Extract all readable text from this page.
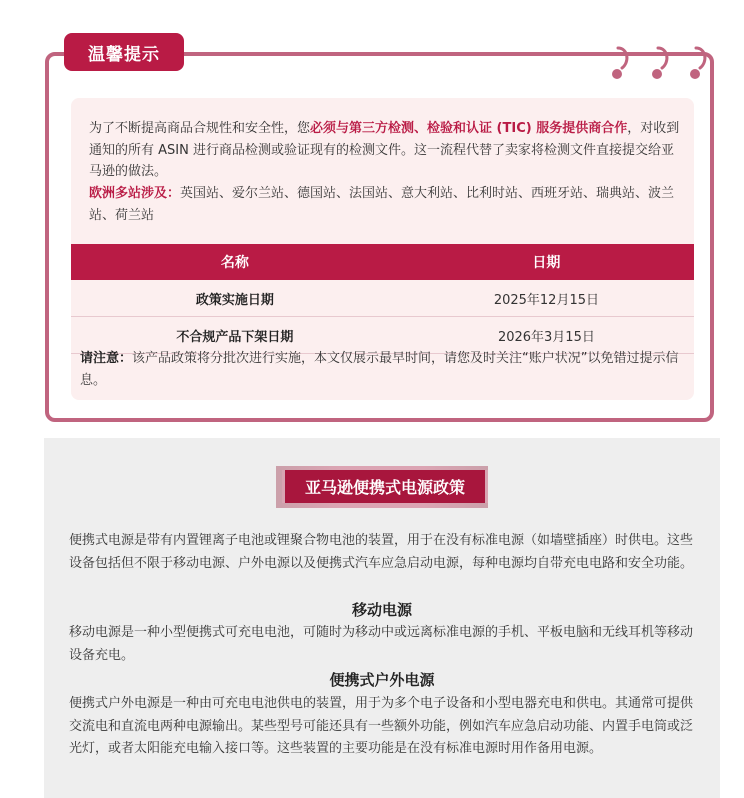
温馨提示
为了不断提高商品合规性和安全性，您必须与第三方检测、检验和认证 (TIC) 服务提供商合作，对收到通知的所有 ASIN 进行商品检测或验证现有的检测文件。这一流程代替了卖家将检测文件直接提交给亚马逊的做法。
欧洲多站涉及：英国站、爱尔兰站、德国站、法国站、意大利站、比利时站、西班牙站、瑞典站、波兰站、荷兰站
名称	日期
政策实施日期	2025年12月15日
不合规产品下架日期	2026年3月15日
请注意：该产品政策将分批次进行实施，本文仅展示最早时间，请您及时关注“账户状况”以免错过提示信息。
亚马逊便携式电源政策
便携式电源是带有内置锂离子电池或锂聚合物电池的装置，用于在没有标准电源（如墙壁插座）时供电。这些设备包括但不限于移动电源、户外电源以及便携式汽车应急启动电源，每种电源均自带充电电路和安全功能。
移动电源
移动电源是一种小型便携式可充电电池，可随时为移动中或远离标准电源的手机、平板电脑和无线耳机等移动设备充电。
便携式户外电源
便携式户外电源是一种由可充电电池供电的装置，用于为多个电子设备和小型电器充电和供电。其通常可提供交流电和直流电两种电源输出。某些型号可能还具有一些额外功能，例如汽车应急启动功能、内置手电筒或泛光灯，或者太阳能充电输入接口等。这些装置的主要功能是在没有标准电源时用作备用电源。
